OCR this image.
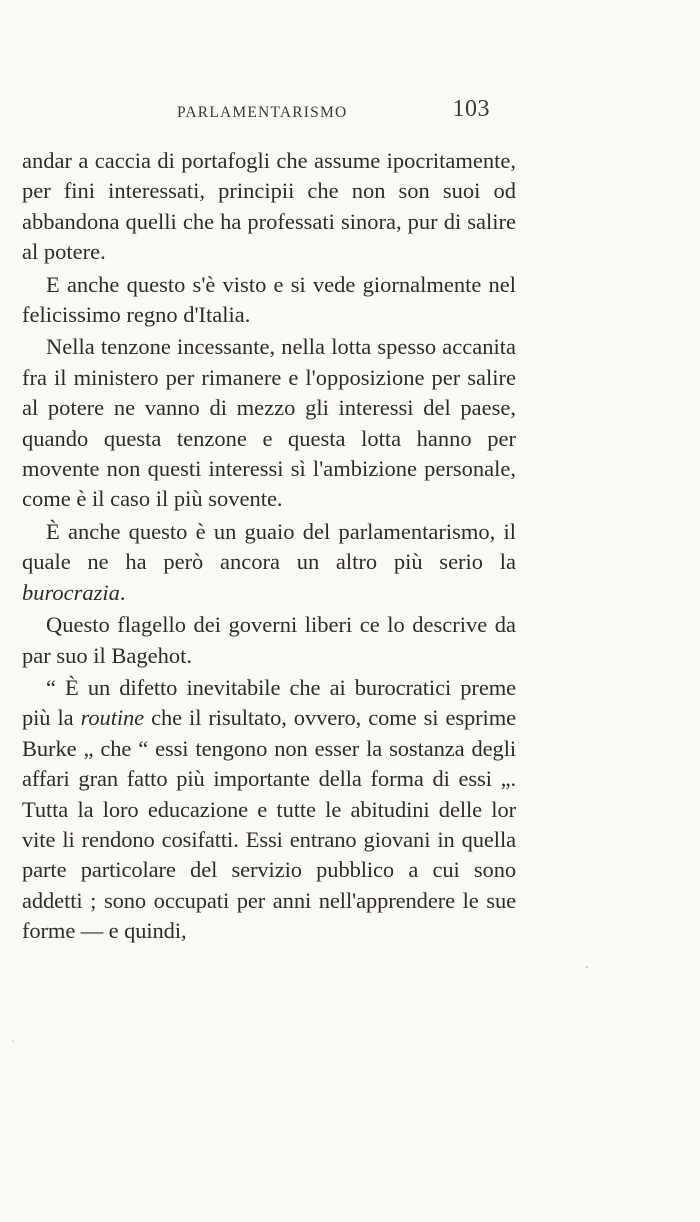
PARLAMENTARISMO	103

andar a caccia di portafogli che assume ipocritamente, per fini interessati, principii che non son suoi od abbandona quelli che ha professati sinora, pur di salire al potere.

E anche questo s'è visto e si vede giornalmente nel felicissimo regno d'Italia.

Nella tenzone incessante, nella lotta spesso accanita fra il ministero per rimanere e l'opposizione per salire al potere ne vanno di mezzo gli interessi del paese, quando questa tenzone e questa lotta hanno per movente non questi interessi sì l'ambizione personale, come è il caso il più sovente.

È anche questo è un guaio del parlamentarismo, il quale ne ha però ancora un altro più serio la burocrazia.

Questo flagello dei governi liberi ce lo descrive da par suo il Bagehot.

“ È un difetto inevitabile che ai burocratici preme più la routine che il risultato, ovvero, come si esprime Burke „ che “ essi tengono non esser la sostanza degli affari gran fatto più importante della forma di essi „. Tutta la loro educazione e tutte le abitudini delle lor vite li rendono cosifatti. Essi entrano giovani in quella parte particolare del servizio pubblico a cui sono addetti ; sono occupati per anni nell'apprendere le sue forme — e quindi,
